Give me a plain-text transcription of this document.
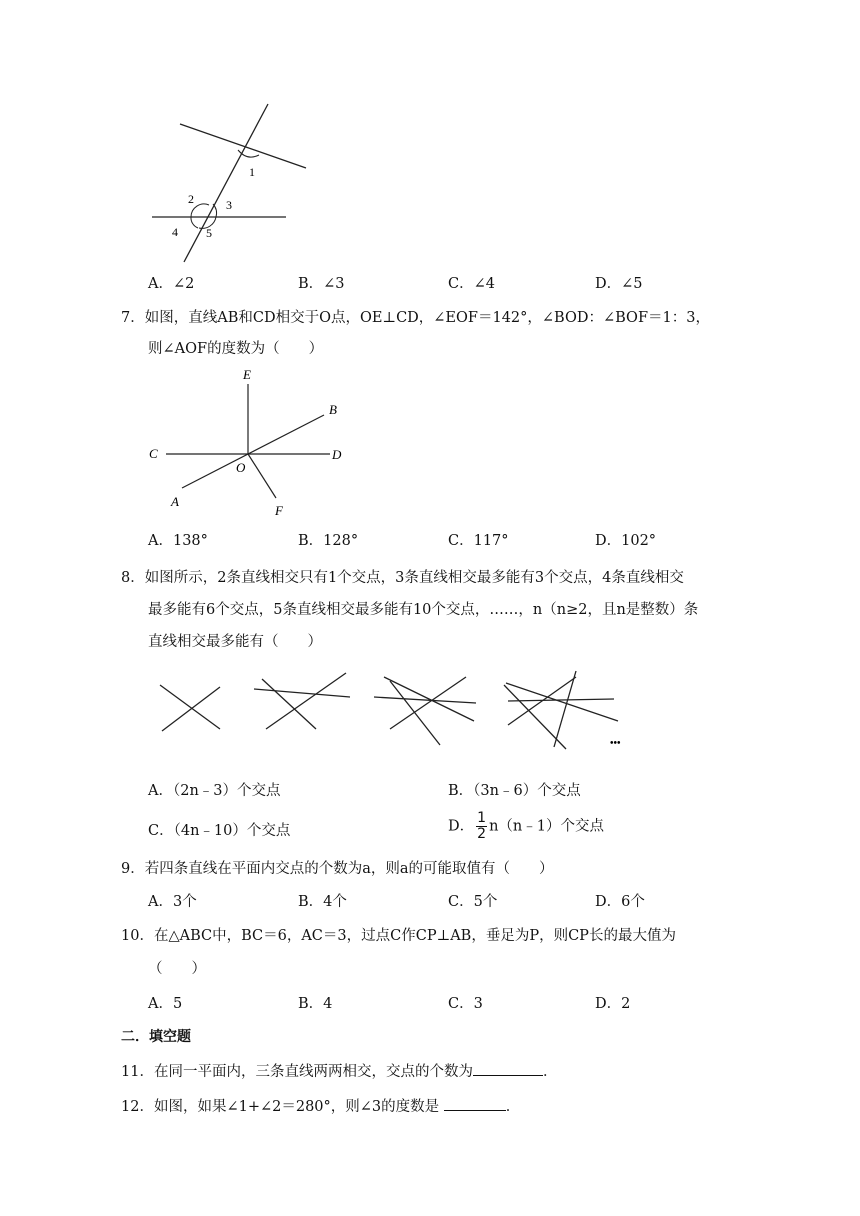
1
2	3
4 5
A．∠2	B．∠3	C．∠4	D．∠5
7．如图，直线AB和CD相交于O点，OE⊥CD，∠EOF＝142°，∠BOD：∠BOF＝1：3，
则∠AOF的度数为（　　）
E
B
C	D
O
A
F
A．138°	B．128°	C．117°	D．102°
8．如图所示，2条直线相交只有1个交点，3条直线相交最多能有3个交点，4条直线相交
最多能有6个交点，5条直线相交最多能有10个交点，……，n（n≥2，且n是整数）条
直线相交最多能有（　　）
•••
A．（2n﹣3）个交点	B．（3n﹣6）个交点
C．（4n﹣10）个交点	D． $\frac{1}{2}$ n（n﹣1）个交点
9．若四条直线在平面内交点的个数为a，则a的可能取值有（　　）
A．3个	B．4个	C．5个	D．6个
10．在△ABC中，BC＝6，AC＝3，过点C作CP⊥AB，垂足为P，则CP长的最大值为
（　　）
A．5	B．4	C．3	D．2
二．填空题
11．在同一平面内，三条直线两两相交，交点的个数为	．
12．如图，如果∠1+∠2＝280°，则∠3的度数是	．
